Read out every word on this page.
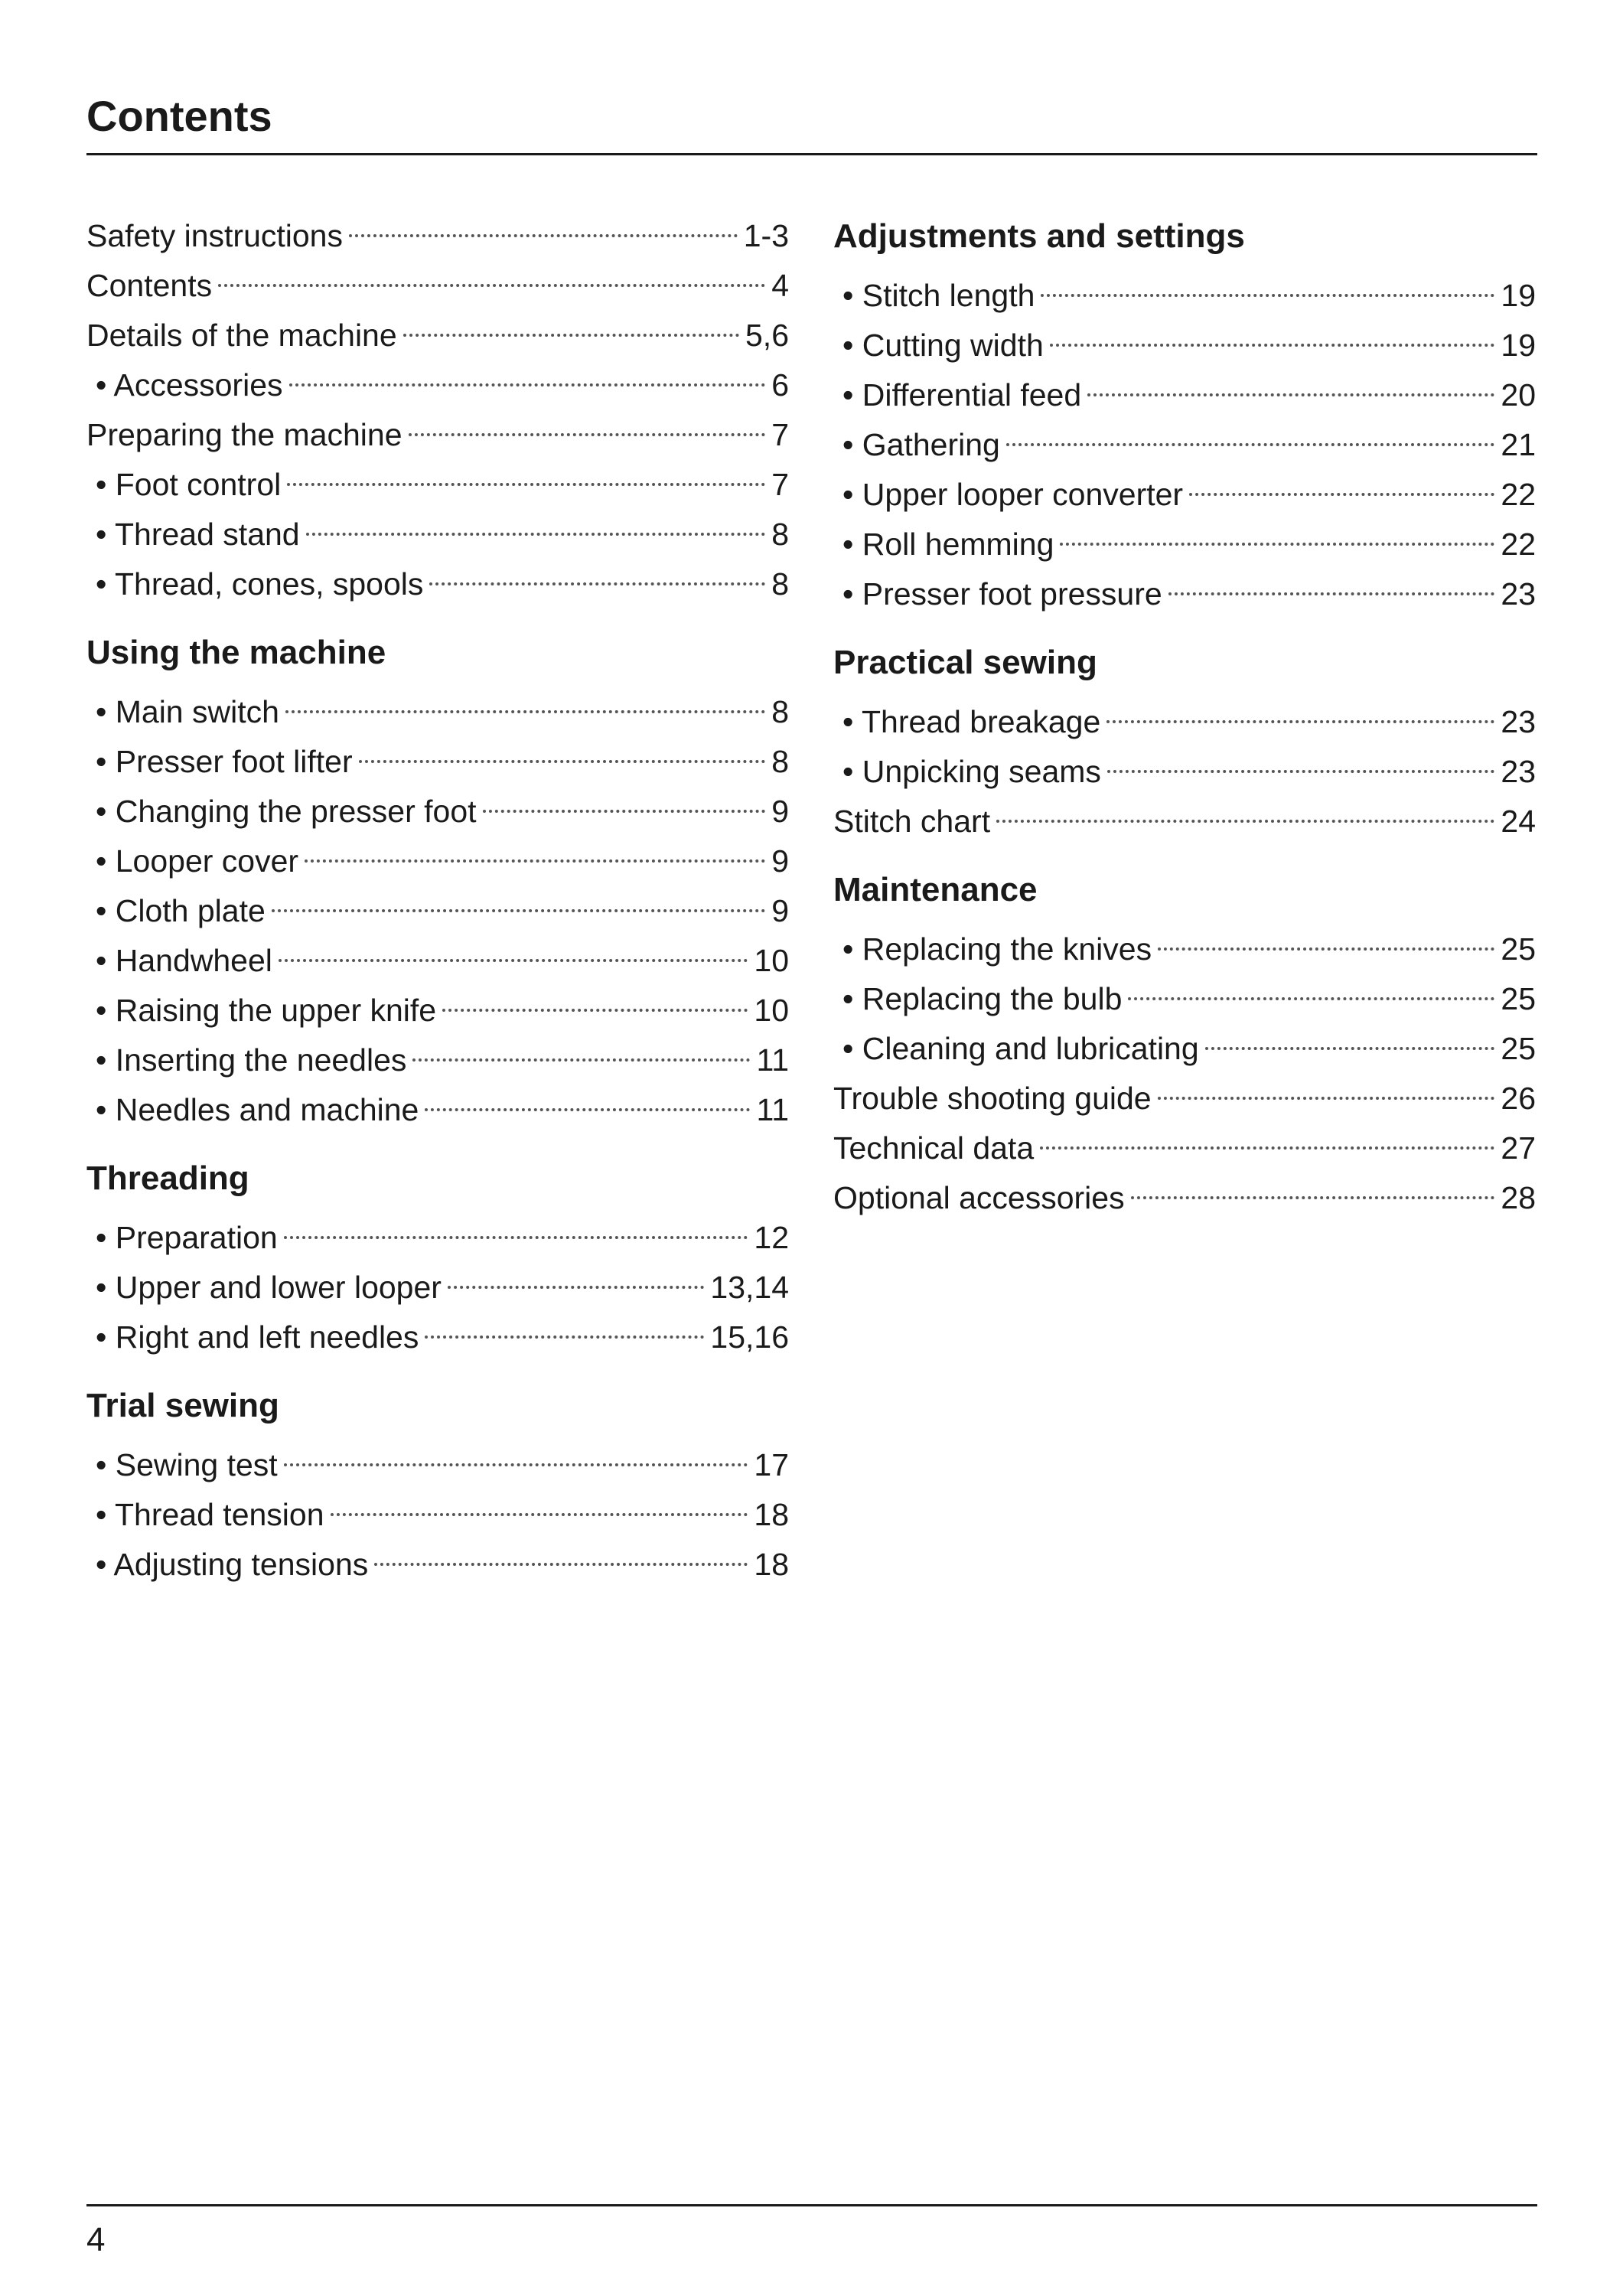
Contents
Safety instructions	1-3
Contents	4
Details of the machine	5,6
• Accessories	6
Preparing the machine	7
• Foot control	7
• Thread stand	8
• Thread, cones, spools	8
Using the machine
• Main switch	8
• Presser foot lifter	8
• Changing the presser foot	9
• Looper cover	9
• Cloth plate	9
• Handwheel	10
• Raising the upper knife	10
• Inserting the needles	11
• Needles and machine	11
Threading
• Preparation	12
• Upper and lower looper	13,14
• Right and left needles	15,16
Trial sewing
• Sewing test	17
• Thread tension	18
• Adjusting tensions	18
Adjustments and settings
• Stitch length	19
• Cutting width	19
• Differential feed	20
• Gathering	21
• Upper looper converter	22
• Roll hemming	22
• Presser foot pressure	23
Practical sewing
• Thread breakage	23
• Unpicking seams	23
Stitch chart	24
Maintenance
• Replacing the knives	25
• Replacing the bulb	25
• Cleaning and lubricating	25
Trouble shooting guide	26
Technical data	27
Optional accessories	28
4
